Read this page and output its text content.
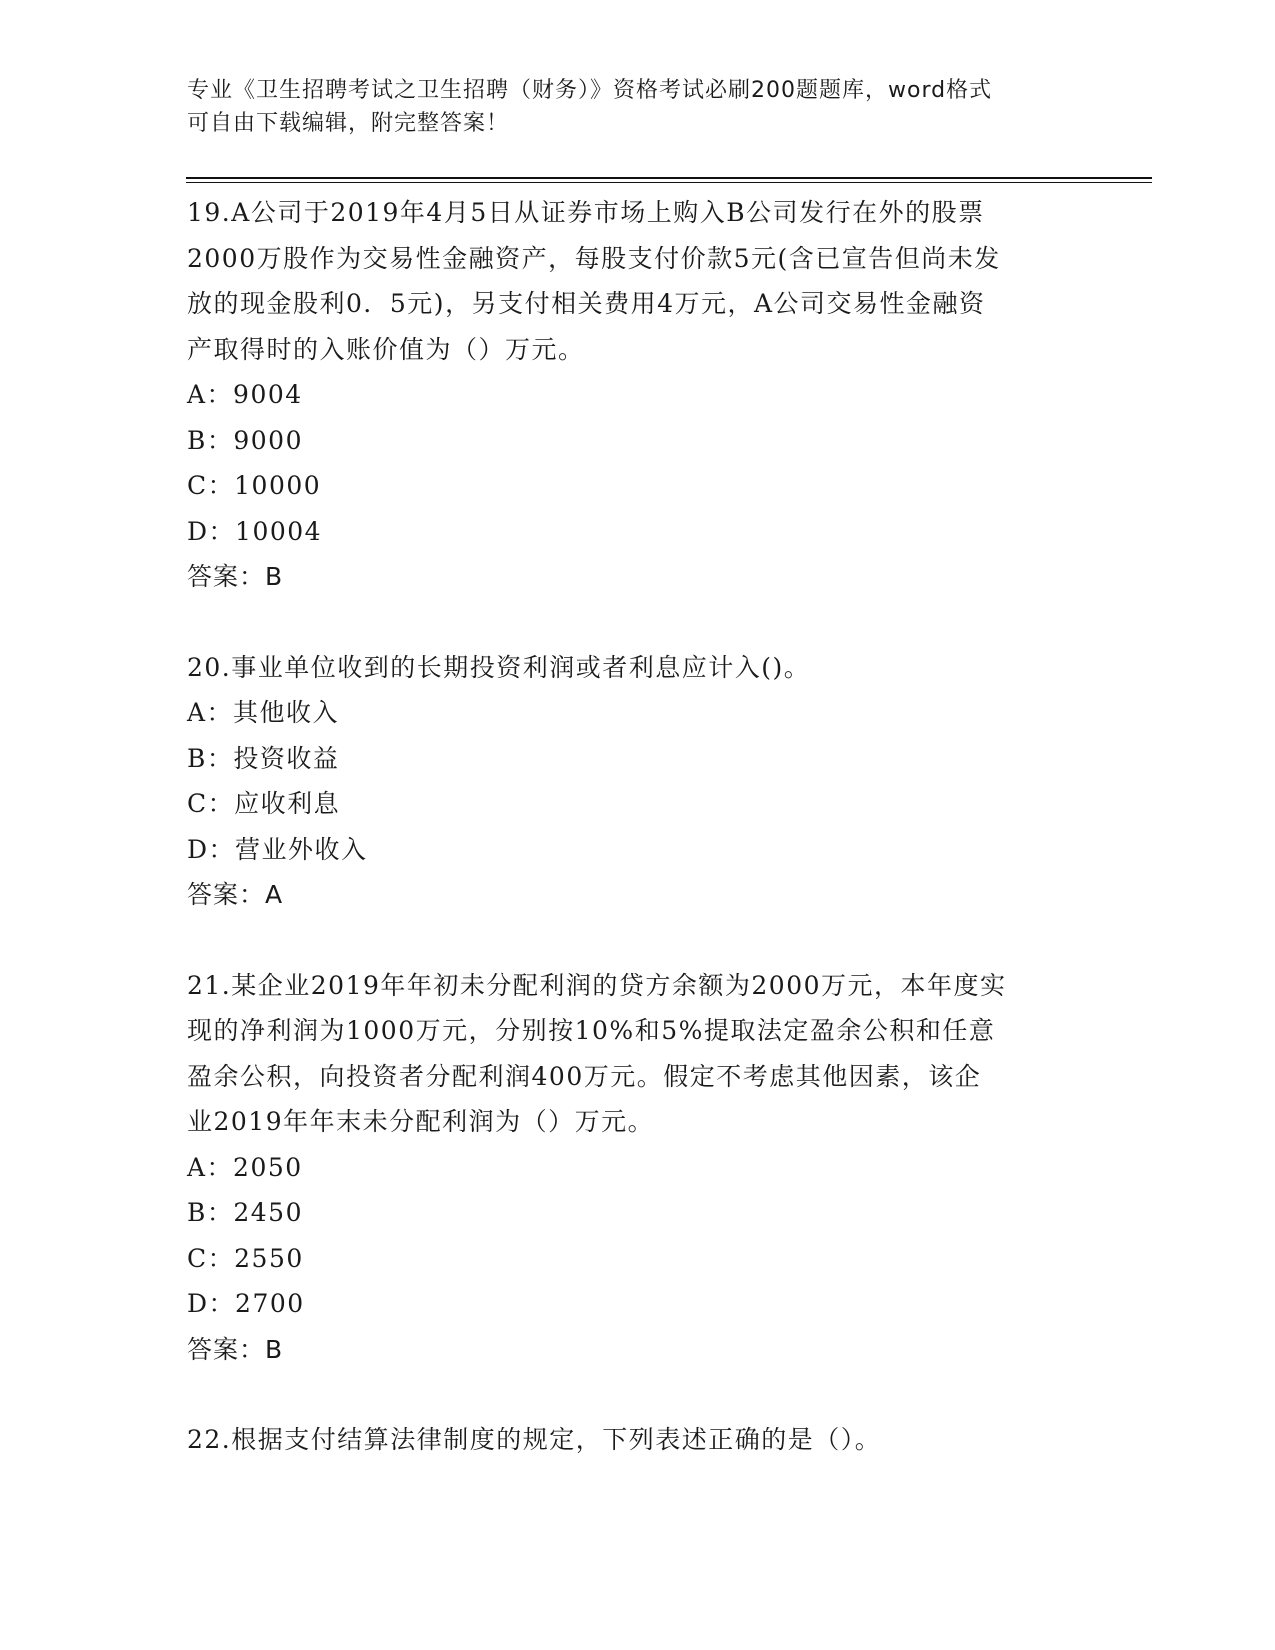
专业《卫生招聘考试之卫生招聘（财务）》资格考试必刷200题题库，word格式
可自由下载编辑，附完整答案！
19.A公司于2019年4月5日从证券市场上购入B公司发行在外的股票
2000万股作为交易性金融资产，每股支付价款5元(含已宣告但尚未发
放的现金股利0．5元)，另支付相关费用4万元，A公司交易性金融资
产取得时的入账价值为（）万元。
A：9004
B：9000
C：10000
D：10004
答案：B
20.事业单位收到的长期投资利润或者利息应计入()。
A：其他收入
B：投资收益
C：应收利息
D：营业外收入
答案：A
21.某企业2019年年初未分配利润的贷方余额为2000万元，本年度实
现的净利润为1000万元，分别按10%和5%提取法定盈余公积和任意
盈余公积，向投资者分配利润400万元。假定不考虑其他因素，该企
业2019年年末未分配利润为（）万元。
A：2050
B：2450
C：2550
D：2700
答案：B
22.根据支付结算法律制度的规定，下列表述正确的是（）。
